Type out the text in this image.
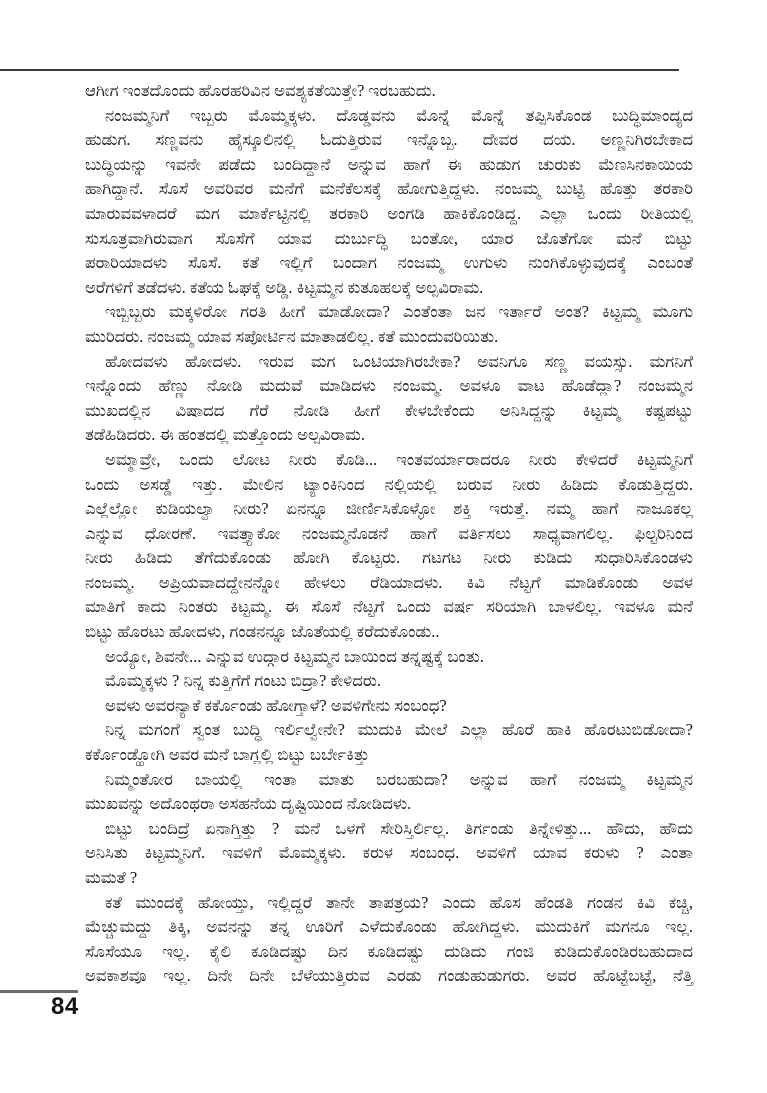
ಆಗೀಗ ಇಂತದೊಂದು ಹೊರಹರಿವಿನ ಅವಶ್ಯಕತೆಯಿತ್ತೇ? ಇರಬಹುದು.
ನಂಜಮ್ಮನಿಗೆ ಇಬ್ಬರು ಮೊಮ್ಮಕ್ಕಳು. ದೊಡ್ಡವನು ಮೊನ್ನೆ ಮೊನ್ನೆ ತಪ್ಪಿಸಿಕೊಂಡ ಬುದ್ಧಿಮಾಂದ್ಯದ
ಹುಡುಗ. ಸಣ್ಣವನು ಹೈಸ್ಕೂಲಿನಲ್ಲಿ ಓದುತ್ತಿರುವ ಇನ್ನೊಬ್ಬ. ದೇವರ ದಯ. ಅಣ್ಣನಿಗಿರಬೇಕಾದ
ಬುದ್ಧಿಯನ್ನು ಇವನೇ ಪಡೆದು ಬಂದಿದ್ದಾನೆ ಅನ್ನುವ ಹಾಗೆ ಈ ಹುಡುಗ ಚುರುಕು ಮೆಣಸಿನಕಾಯಿಯ
ಹಾಗಿದ್ದಾನೆ. ಸೊಸೆ ಅವರಿವರ ಮನೆಗೆ ಮನೆಕೆಲಸಕ್ಕೆ ಹೋಗುತ್ತಿದ್ದಳು. ನಂಜಮ್ಮ ಬುಟ್ಟಿ ಹೊತ್ತು ತರಕಾರಿ
ಮಾರುವವಳಾದರೆ ಮಗ ಮಾರ್ಕೆಟ್ಟಿನಲ್ಲಿ ತರಕಾರಿ ಅಂಗಡಿ ಹಾಕಿಕೊಂಡಿದ್ದ. ಎಲ್ಲಾ ಒಂದು ರೀತಿಯಲ್ಲಿ
ಸುಸೂತ್ರವಾಗಿರುವಾಗ ಸೊಸೆಗೆ ಯಾವ ದುರ್ಬುದ್ಧಿ ಬಂತೋ, ಯಾರ ಜೊತೆಗೋ ಮನೆ ಬಿಟ್ಟು
ಪರಾರಿಯಾದಳು ಸೊಸೆ. ಕತೆ ಇಲ್ಲಿಗೆ ಬಂದಾಗ ನಂಜಮ್ಮ ಉಗುಳು ನುಂಗಿಕೊಳ್ಳುವುದಕ್ಕೆ ಎಂಬಂತೆ
ಅರೆಗಳಿಗೆ ತಡೆದಳು. ಕತೆಯ ಓಘಕ್ಕೆ ಅಡ್ಡಿ. ಕಿಟ್ಟಮ್ಮನ ಕುತೂಹಲಕ್ಕೆ ಅಲ್ಪವಿರಾಮ.
ಇಬ್ಬಿಬ್ಬರು ಮಕ್ಕಳಿರೋ ಗರತಿ ಹೀಗೆ ಮಾಡೋದಾ? ಎಂತೆಂತಾ ಜನ ಇರ್ತಾರೆ ಅಂತ? ಕಿಟ್ಟಮ್ಮ ಮೂಗು
ಮುರಿದರು. ನಂಜಮ್ಮ ಯಾವ ಸಪೋರ್ಟಿನ ಮಾತಾಡಲಿಲ್ಲ. ಕತೆ ಮುಂದುವರಿಯಿತು.
ಹೋದವಳು ಹೋದಳು. ಇರುವ ಮಗ ಒಂಟಿಯಾಗಿರಬೇಕಾ? ಅವನಿಗೂ ಸಣ್ಣ ವಯಸ್ಸು. ಮಗನಿಗೆ
ಇನ್ನೊಂದು ಹೆಣ್ಣು ನೋಡಿ ಮದುವೆ ಮಾಡಿದಳು ನಂಜಮ್ಮ. ಅವಳೂ ವಾಟ ಹೊಡೆದ್ಲಾ? ನಂಜಮ್ಮನ
ಮುಖದಲ್ಲಿನ ವಿಷಾದದ ಗೆರೆ ನೋಡಿ ಹೀಗೆ ಕೇಳಬೇಕೆಂದು ಅನಿಸಿದ್ದನ್ನು ಕಿಟ್ಟಮ್ಮ ಕಷ್ಟಪಟ್ಟು
ತಡೆಹಿಡಿದರು. ಈ ಹಂತದಲ್ಲಿ ಮತ್ತೊಂದು ಅಲ್ಪವಿರಾಮ.
ಅಮ್ಮಾವ್ರೇ, ಒಂದು ಲೋಟ ನೀರು ಕೊಡಿ... ಇಂತವರ್ಯಾರಾದರೂ ನೀರು ಕೇಳಿದರೆ ಕಿಟ್ಟಮ್ಮನಿಗೆ
ಒಂದು ಅಸಡ್ಡೆ ಇತ್ತು. ಮೇಲಿನ ಟ್ಯಾಂಕಿನಿಂದ ನಲ್ಲಿಯಲ್ಲಿ ಬರುವ ನೀರು ಹಿಡಿದು ಕೊಡುತ್ತಿದ್ದರು.
ಎಲ್ಲೆಲ್ಲೋ ಕುಡಿಯಲ್ವಾ ನೀರು? ಏನನ್ನೂ ಜೀರ್ಣಿಸಿಕೊಳ್ಳೋ ಶಕ್ತಿ ಇರುತ್ತೆ. ನಮ್ಮ ಹಾಗೆ ನಾಜೂಕಲ್ಲ
ಎನ್ನುವ ಧೋರಣೆ. ಇವತ್ತ್ಯಾಕೋ ನಂಜಮ್ಮನೊಡನೆ ಹಾಗೆ ವರ್ತಿಸಲು ಸಾಧ್ಯವಾಗಲಿಲ್ಲ. ಫಿಲ್ಟರಿನಿಂದ
ನೀರು ಹಿಡಿದು ತೆಗೆದುಕೊಂಡು ಹೋಗಿ ಕೊಟ್ಟರು. ಗಟಗಟ ನೀರು ಕುಡಿದು ಸುಧಾರಿಸಿಕೊಂಡಳು
ನಂಜಮ್ಮ. ಅಪ್ರಿಯವಾದದ್ದೇನನ್ನೋ ಹೇಳಲು ರೆಡಿಯಾದಳು. ಕಿವಿ ನೆಟ್ಟಗೆ ಮಾಡಿಕೊಂಡು ಅವಳ
ಮಾತಿಗೆ ಕಾದು ನಿಂತರು ಕಿಟ್ಟಮ್ಮ. ಈ ಸೊಸೆ ನೆಟ್ಟಗೆ ಒಂದು ವರ್ಷ ಸರಿಯಾಗಿ ಬಾಳಲಿಲ್ಲ. ಇವಳೂ ಮನೆ
ಬಿಟ್ಟು ಹೊರಟು ಹೋದಳು, ಗಂಡನನ್ನೂ ಜೊತೆಯಲ್ಲಿ ಕರೆದುಕೊಂಡು..
ಅಯ್ಯೋ, ಶಿವನೇ... ಎನ್ನುವ ಉದ್ಗಾರ ಕಿಟ್ಟಮ್ಮನ ಬಾಯಿಂದ ತನ್ನಷ್ಟಕ್ಕೆ ಬಂತು.
ಮೊಮ್ಮಕ್ಕಳು ? ನಿನ್ನ ಕುತ್ತಿಗೆಗೆ ಗಂಟು ಬಿದ್ರಾ? ಕೇಳಿದರು.
ಅವಳು ಅವರನ್ಯಾಕೆ ಕರ್ಕೊಂಡು ಹೋಗ್ತಾಳೆ? ಅವಳಿಗೇನು ಸಂಬಂಧ?
ನಿನ್ನ ಮಗಂಗೆ ಸ್ವಂತ ಬುದ್ಧಿ ಇರ್ಲಿಲ್ವೇನೇ? ಮುದುಕಿ ಮೇಲೆ ಎಲ್ಲಾ ಹೊರೆ ಹಾಕಿ ಹೊರಟುಬಿಡೋದಾ?
ಕರ್ಕೊಂಡ್ಹೋಗಿ ಅವರ ಮನೆ ಬಾಗ್ಲಲ್ಲಿ ಬಿಟ್ಟು ಬರ್ಬೇಕಿತ್ತು
ನಿಮ್ಮಂತೋರ ಬಾಯಲ್ಲಿ ಇಂತಾ ಮಾತು ಬರಬಹುದಾ? ಅನ್ನುವ ಹಾಗೆ ನಂಜಮ್ಮ ಕಿಟ್ಟಮ್ಮನ
ಮುಖವನ್ನು ಅದೊಂಥರಾ ಅಸಹನೆಯ ದೃಷ್ಟಿಯಿಂದ ನೋಡಿದಳು.
ಬಿಟ್ಟು ಬಂದಿದ್ರೆ ಏನಾಗ್ತಿತ್ತು ? ಮನೆ ಒಳಗೆ ಸೇರಿಸ್ತಿರ್ಲಿಲ್ಲ. ತಿರ್ಗಂಡು ತಿನ್ನೇಳಿತ್ತು... ಹೌದು, ಹೌದು
ಅನಿಸಿತು ಕಿಟ್ಟಮ್ಮನಿಗೆ. ಇವಳಿಗೆ ಮೊಮ್ಮಕ್ಕಳು. ಕರುಳ ಸಂಬಂಧ. ಅವಳಿಗೆ ಯಾವ ಕರುಳು ? ಎಂತಾ
ಮಮತೆ ?
ಕತೆ ಮುಂದಕ್ಕೆ ಹೋಯ್ತು, ಇಲ್ಲಿದ್ದರೆ ತಾನೇ ತಾಪತ್ರಯ? ಎಂದು ಹೊಸ ಹೆಂಡತಿ ಗಂಡನ ಕಿವಿ ಕಚ್ಚಿ,
ಮೆಚ್ಚುಮದ್ದು ತಿಕ್ಕಿ, ಅವನನ್ನು ತನ್ನ ಊರಿಗೆ ಎಳೆದುಕೊಂಡು ಹೋಗಿದ್ದಳು. ಮುದುಕಿಗೆ ಮಗನೂ ಇಲ್ಲ.
ಸೊಸೆಯೂ ಇಲ್ಲ. ಕೈಲಿ ಕೂಡಿದಷ್ಟು ದಿನ ಕೂಡಿದಷ್ಟು ದುಡಿದು ಗಂಜಿ ಕುಡಿದುಕೊಂಡಿರಬಹುದಾದ
ಅವಕಾಶವೂ ಇಲ್ಲ. ದಿನೇ ದಿನೇ ಬೆಳೆಯುತ್ತಿರುವ ಎರಡು ಗಂಡುಹುಡುಗರು. ಅವರ ಹೊಟ್ಟೆಬಟ್ಟೆ, ನೆತ್ತಿ
84
